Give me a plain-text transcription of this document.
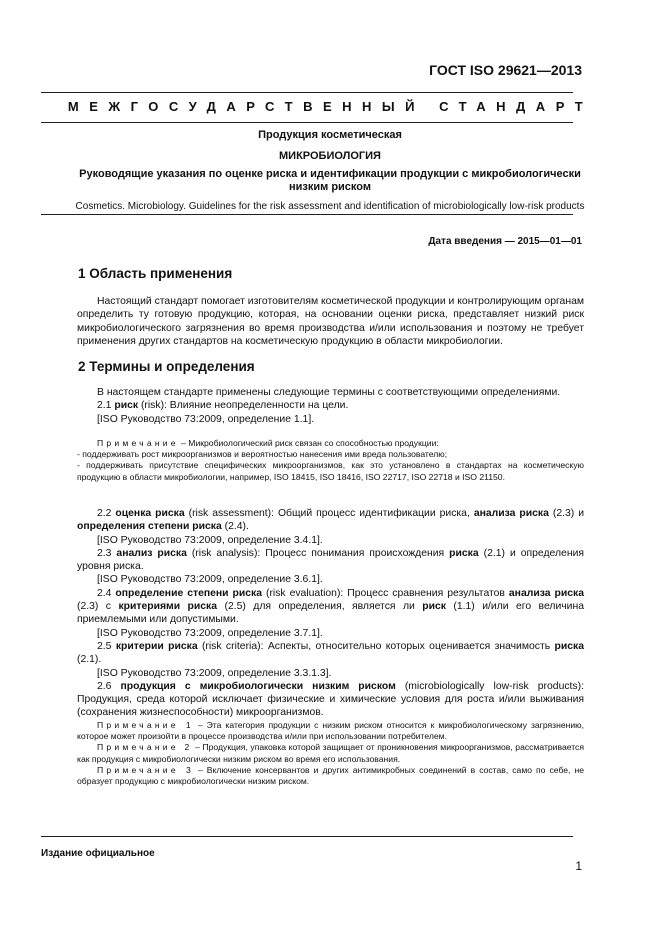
ГОСТ ISO 29621—2013
МЕЖГОСУДАРСТВЕННЫЙ СТАНДАРТ
Продукция косметическая
МИКРОБИОЛОГИЯ
Руководящие указания по оценке риска и идентификации продукции с микробиологически низким риском
Cosmetics. Microbiology. Guidelines for the risk assessment and identification of microbiologically low-risk products
Дата введения — 2015—01—01
1 Область применения

Настоящий стандарт помогает изготовителям косметической продукции и контролирующим органам определить ту готовую продукцию, которая, на основании оценки риска, представляет низкий риск микробиологического загрязнения во время производства и/или использования и поэтому не требует применения других стандартов на косметическую продукцию в области микробиологии.

2 Термины и определения

В настоящем стандарте применены следующие термины с соответствующими определениями.

2.1 риск (risk): Влияние неопределенности на цели.

[ISO Руководство 73:2009, определение 1.1].

Примечание – Микробиологический риск связан со способностью продукции:

- поддерживать рост микроорганизмов и вероятностью нанесения ими вреда пользователю;

- поддерживать присутствие специфических микроорганизмов, как это установлено в стандартах на косметическую продукцию в области микробиологии, например, ISO 18415, ISO 18416, ISO 22717, ISO 22718 и ISO 21150.

2.2 оценка риска (risk assessment): Общий процесс идентификации риска, анализа риска (2.3) и определения степени риска (2.4).

[ISO Руководство 73:2009, определение 3.4.1].

2.3 анализ риска (risk analysis): Процесс понимания происхождения риска (2.1) и определения уровня риска.

[ISO Руководство 73:2009, определение 3.6.1].

2.4 определение степени риска (risk evaluation): Процесс сравнения результатов анализа риска (2.3) с критериями риска (2.5) для определения, является ли риск (1.1) и/или его величина приемлемыми или допустимыми.

[ISO Руководство 73:2009, определение 3.7.1].

2.5 критерии риска (risk criteria): Аспекты, относительно которых оценивается значимость риска (2.1).

[ISO Руководство 73:2009, определение 3.3.1.3].

2.6 продукция с микробиологически низким риском (microbiologically low-risk products): Продукция, среда которой исключает физические и химические условия для роста и/или выживания (сохранения жизнеспособности) микроорганизмов.

Примечание 1 – Эта категория продукции с низким риском относится к микробиологическому загрязнению, которое может произойти в процессе производства и/или при использовании потребителем.

Примечание 2 – Продукция, упаковка которой защищает от проникновения микроорганизмов, рассматривается как продукция с микробиологически низким риском во время его использования.

Примечание 3 – Включение консервантов и других антимикробных соединений в состав, само по себе, не образует продукцию с микробиологически низким риском.

Издание официальное
1
